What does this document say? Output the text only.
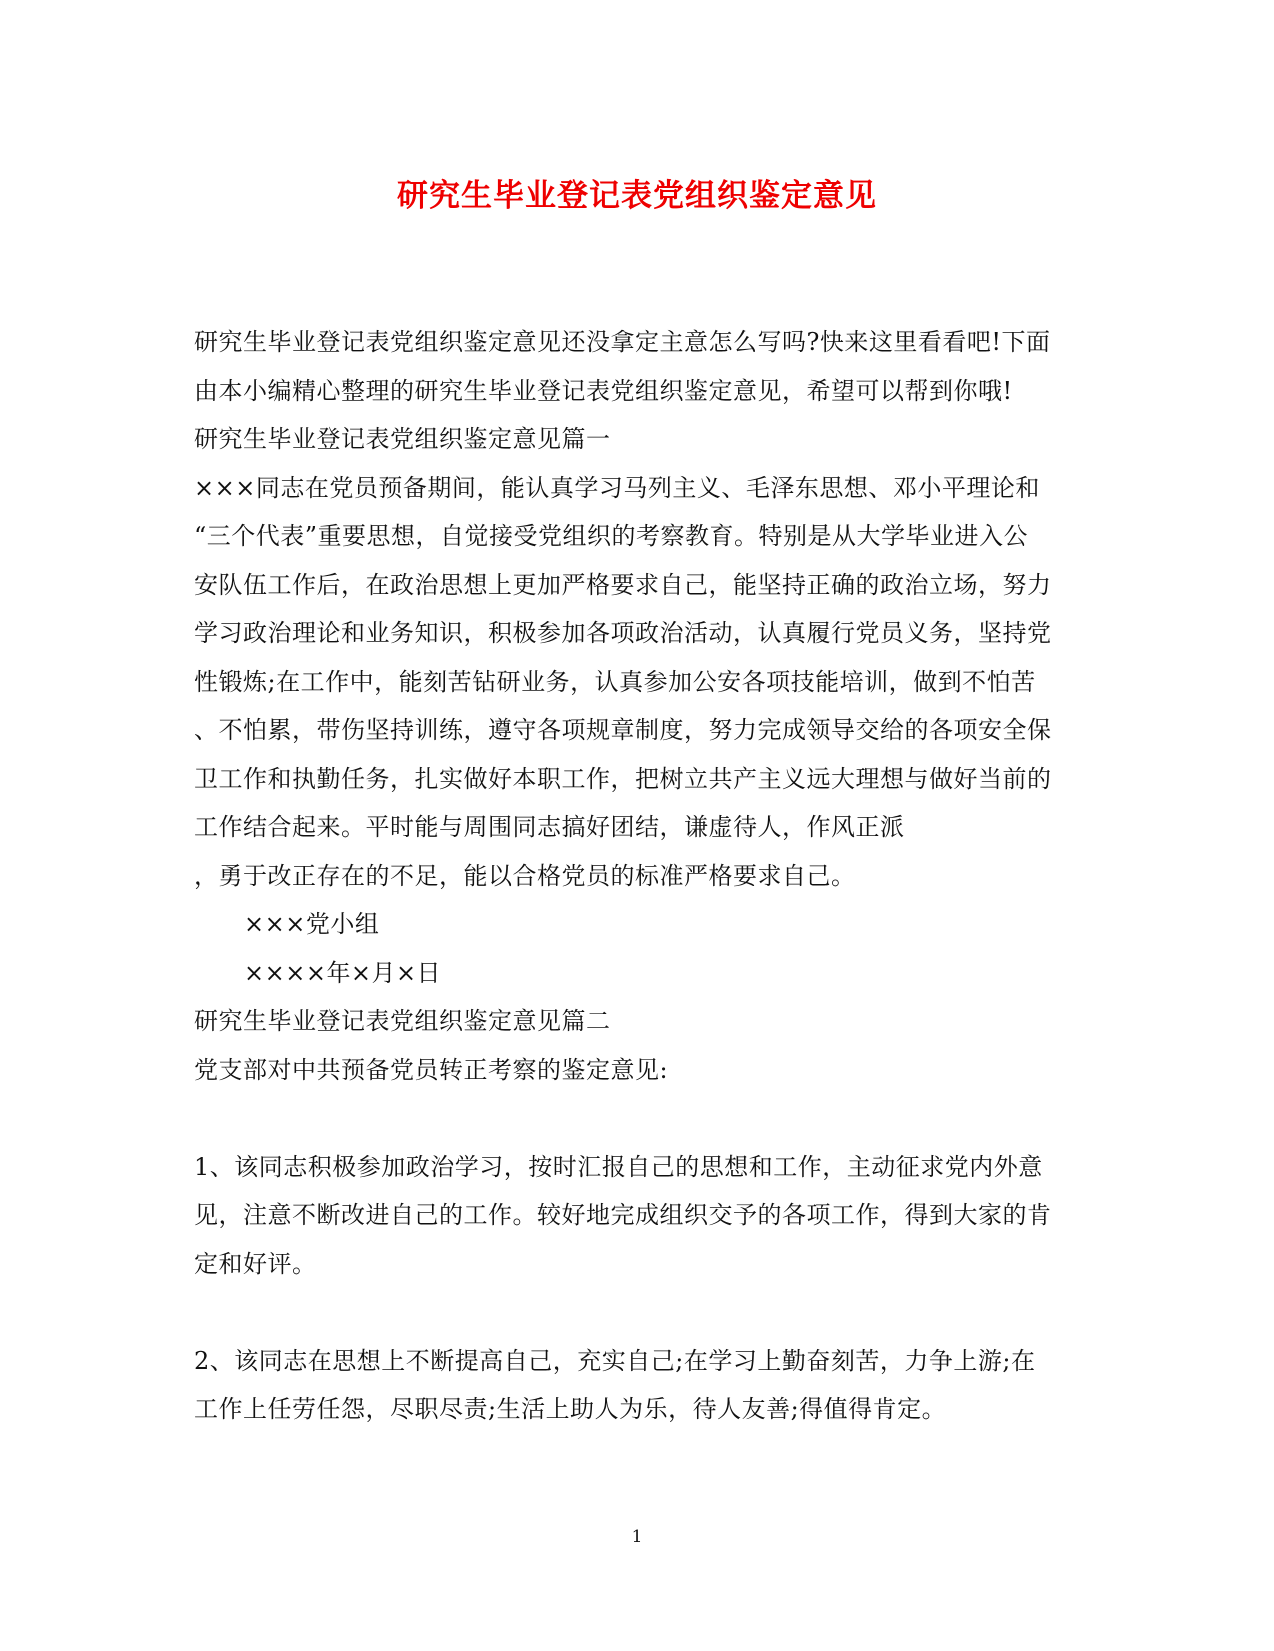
研究生毕业登记表党组织鉴定意见
研究生毕业登记表党组织鉴定意见还没拿定主意怎么写吗?快来这里看看吧!下面
由本小编精心整理的研究生毕业登记表党组织鉴定意见，希望可以帮到你哦!
研究生毕业登记表党组织鉴定意见篇一
×××同志在党员预备期间，能认真学习马列主义、毛泽东思想、邓小平理论和
“三个代表”重要思想，自觉接受党组织的考察教育。特别是从大学毕业进入公
安队伍工作后，在政治思想上更加严格要求自己，能坚持正确的政治立场，努力
学习政治理论和业务知识，积极参加各项政治活动，认真履行党员义务，坚持党
性锻炼;在工作中，能刻苦钻研业务，认真参加公安各项技能培训，做到不怕苦
、不怕累，带伤坚持训练，遵守各项规章制度，努力完成领导交给的各项安全保
卫工作和执勤任务，扎实做好本职工作，把树立共产主义远大理想与做好当前的
工作结合起来。平时能与周围同志搞好团结，谦虚待人，作风正派
，勇于改正存在的不足，能以合格党员的标准严格要求自己。
×××党小组
××××年×月×日
研究生毕业登记表党组织鉴定意见篇二
党支部对中共预备党员转正考察的鉴定意见:
1、该同志积极参加政治学习，按时汇报自己的思想和工作，主动征求党内外意
见，注意不断改进自己的工作。较好地完成组织交予的各项工作，得到大家的肯
定和好评。
2、该同志在思想上不断提高自己，充实自己;在学习上勤奋刻苦，力争上游;在
工作上任劳任怨，尽职尽责;生活上助人为乐，待人友善;得值得肯定。
1
